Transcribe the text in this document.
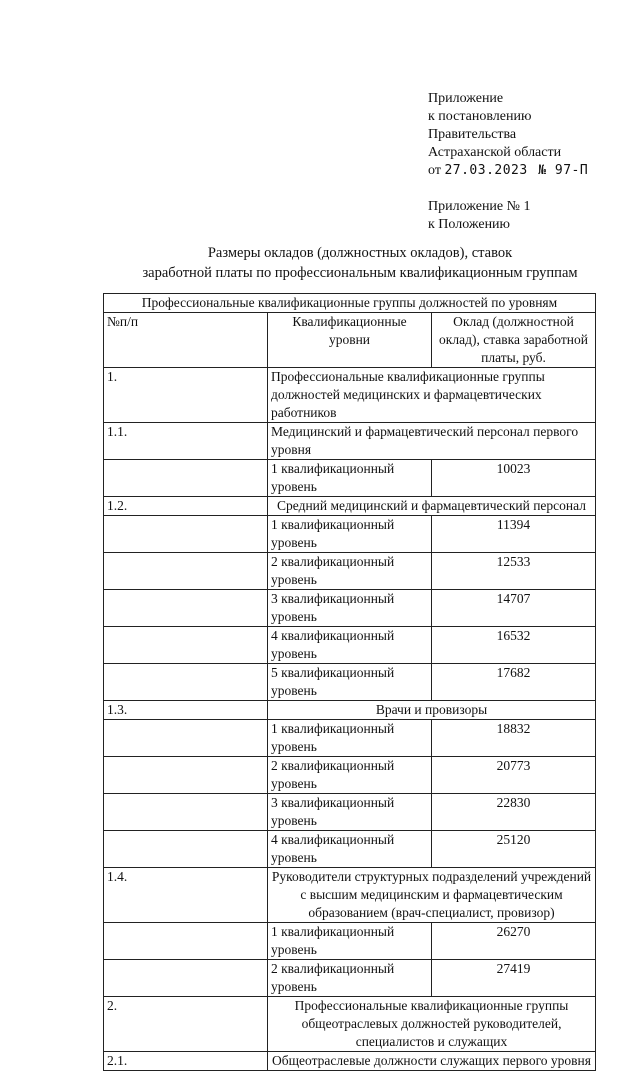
Приложение
к постановлению
Правительства
Астраханской области
от 27.03.2023 № 97-П
Приложение № 1
к Положению
Размеры окладов (должностных окладов), ставок
заработной платы по профессиональным квалификационным группам
Профессиональные квалификационные группы должностей по уровням		
№п/п	Квалификационные уровни	Оклад (должностной оклад), ставка заработной платы, руб.
1.	Профессиональные квалификационные группы должностей медицинских и фармацевтических работников	
1.1.	Медицинский и фармацевтический персонал первого уровня	
	1 квалификационный уровень	10023
1.2.	Средний медицинский и фармацевтический персонал	
	1 квалификационный уровень	11394
	2 квалификационный уровень	12533
	3 квалификационный уровень	14707
	4 квалификационный уровень	16532
	5 квалификационный уровень	17682
1.3.	Врачи и провизоры	
	1 квалификационный уровень	18832
	2 квалификационный уровень	20773
	3 квалификационный уровень	22830
	4 квалификационный уровень	25120
1.4.	Руководители структурных подразделений учреждений с высшим медицинским и фармацевтическим образованием (врач-специалист, провизор)	
	1 квалификационный уровень	26270
	2 квалификационный уровень	27419
2.	Профессиональные квалификационные группы общеотраслевых должностей руководителей, специалистов и служащих	
2.1.	Общеотраслевые должности служащих первого уровня	
